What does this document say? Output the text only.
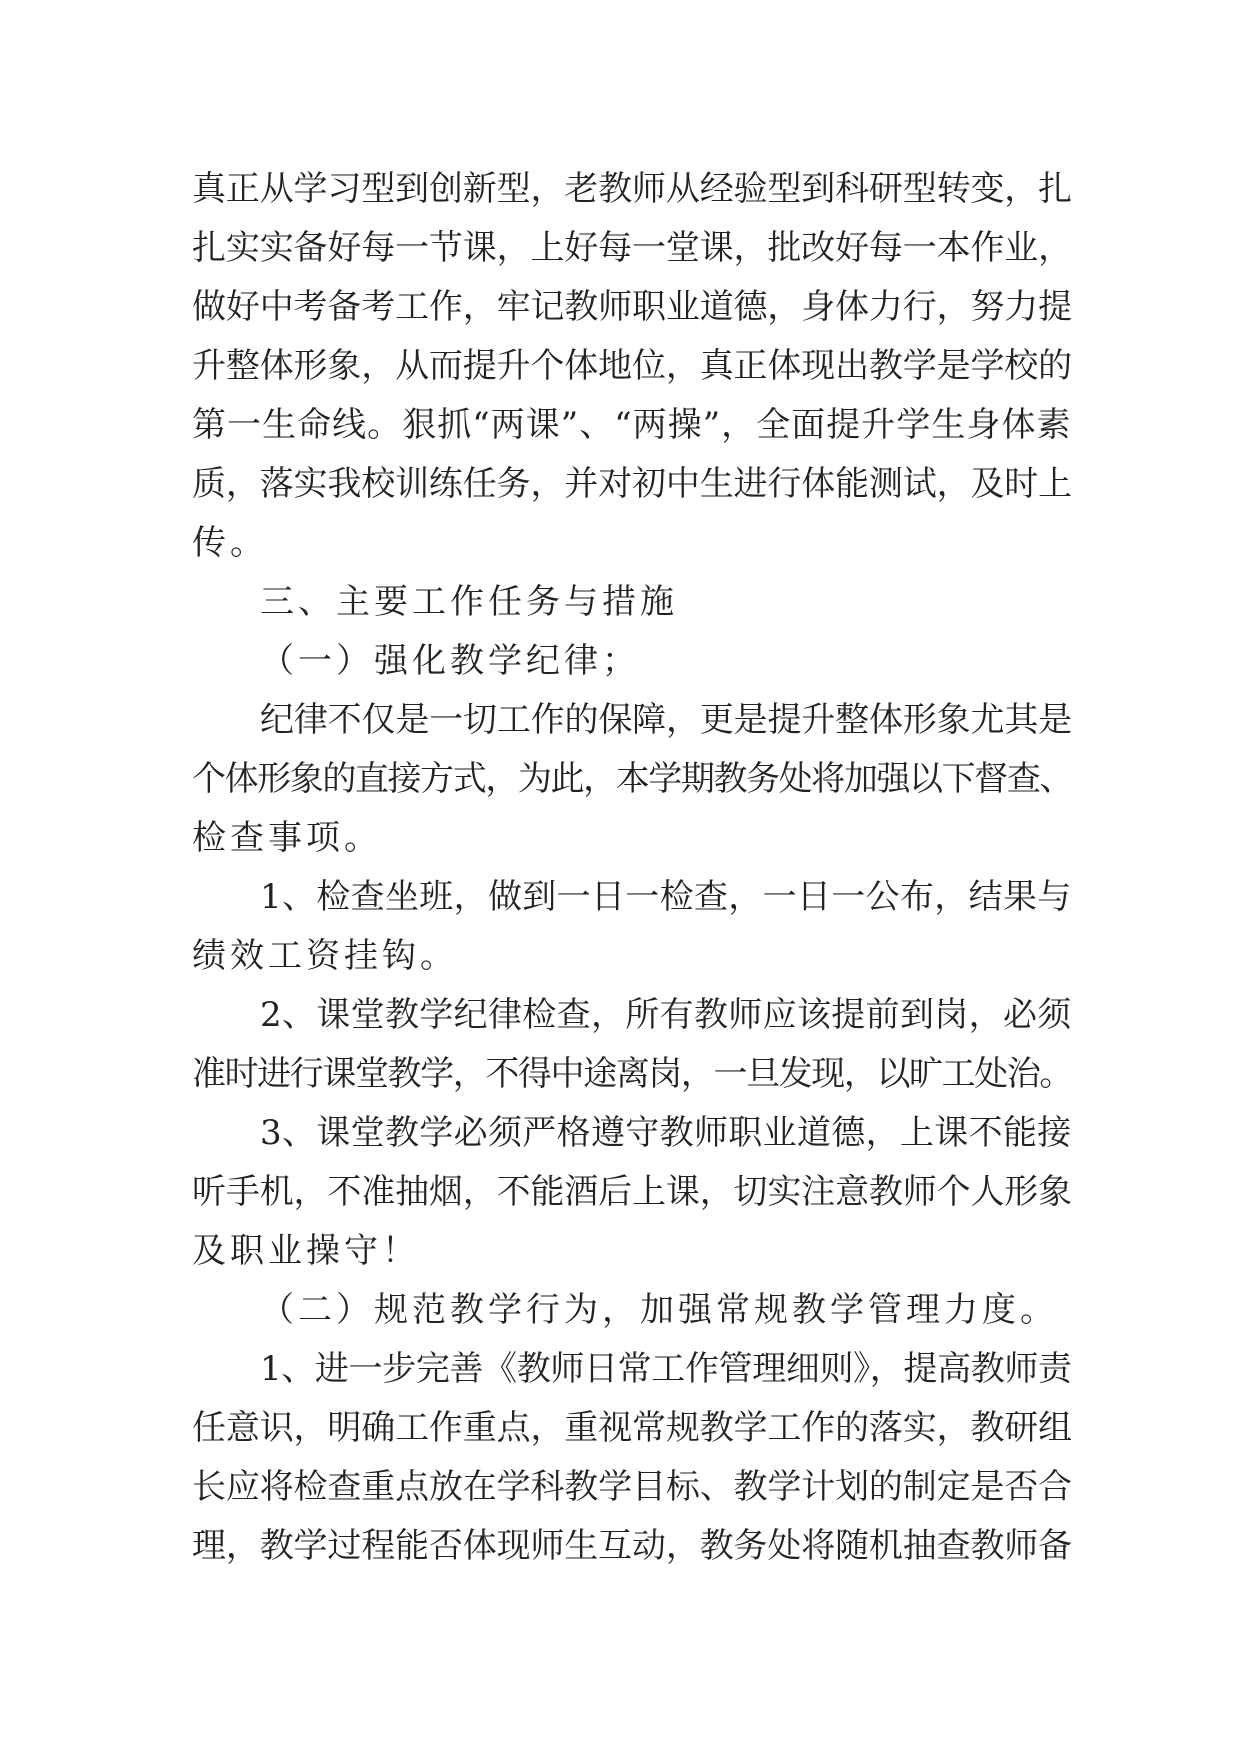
真正从学习型到创新型，老教师从经验型到科研型转变，扎
扎实实备好每一节课，上好每一堂课，批改好每一本作业，
做好中考备考工作，牢记教师职业道德，身体力行，努力提
升整体形象，从而提升个体地位，真正体现出教学是学校的
第一生命线。狠抓“两课”、“两操”，全面提升学生身体素
质，落实我校训练任务，并对初中生进行体能测试，及时上
传。
三、主要工作任务与措施
（一）强化教学纪律；
纪律不仅是一切工作的保障，更是提升整体形象尤其是
个体形象的直接方式，为此，本学期教务处将加强以下督查、
检查事项。
1、检查坐班，做到一日一检查，一日一公布，结果与
绩效工资挂钩。
2、课堂教学纪律检查，所有教师应该提前到岗，必须
准时进行课堂教学，不得中途离岗，一旦发现，以旷工处治。
3、课堂教学必须严格遵守教师职业道德，上课不能接
听手机，不准抽烟，不能酒后上课，切实注意教师个人形象
及职业操守！
（二）规范教学行为，加强常规教学管理力度。
1、进一步完善《教师日常工作管理细则》，提高教师责
任意识，明确工作重点，重视常规教学工作的落实，教研组
长应将检查重点放在学科教学目标、教学计划的制定是否合
理，教学过程能否体现师生互动，教务处将随机抽查教师备
